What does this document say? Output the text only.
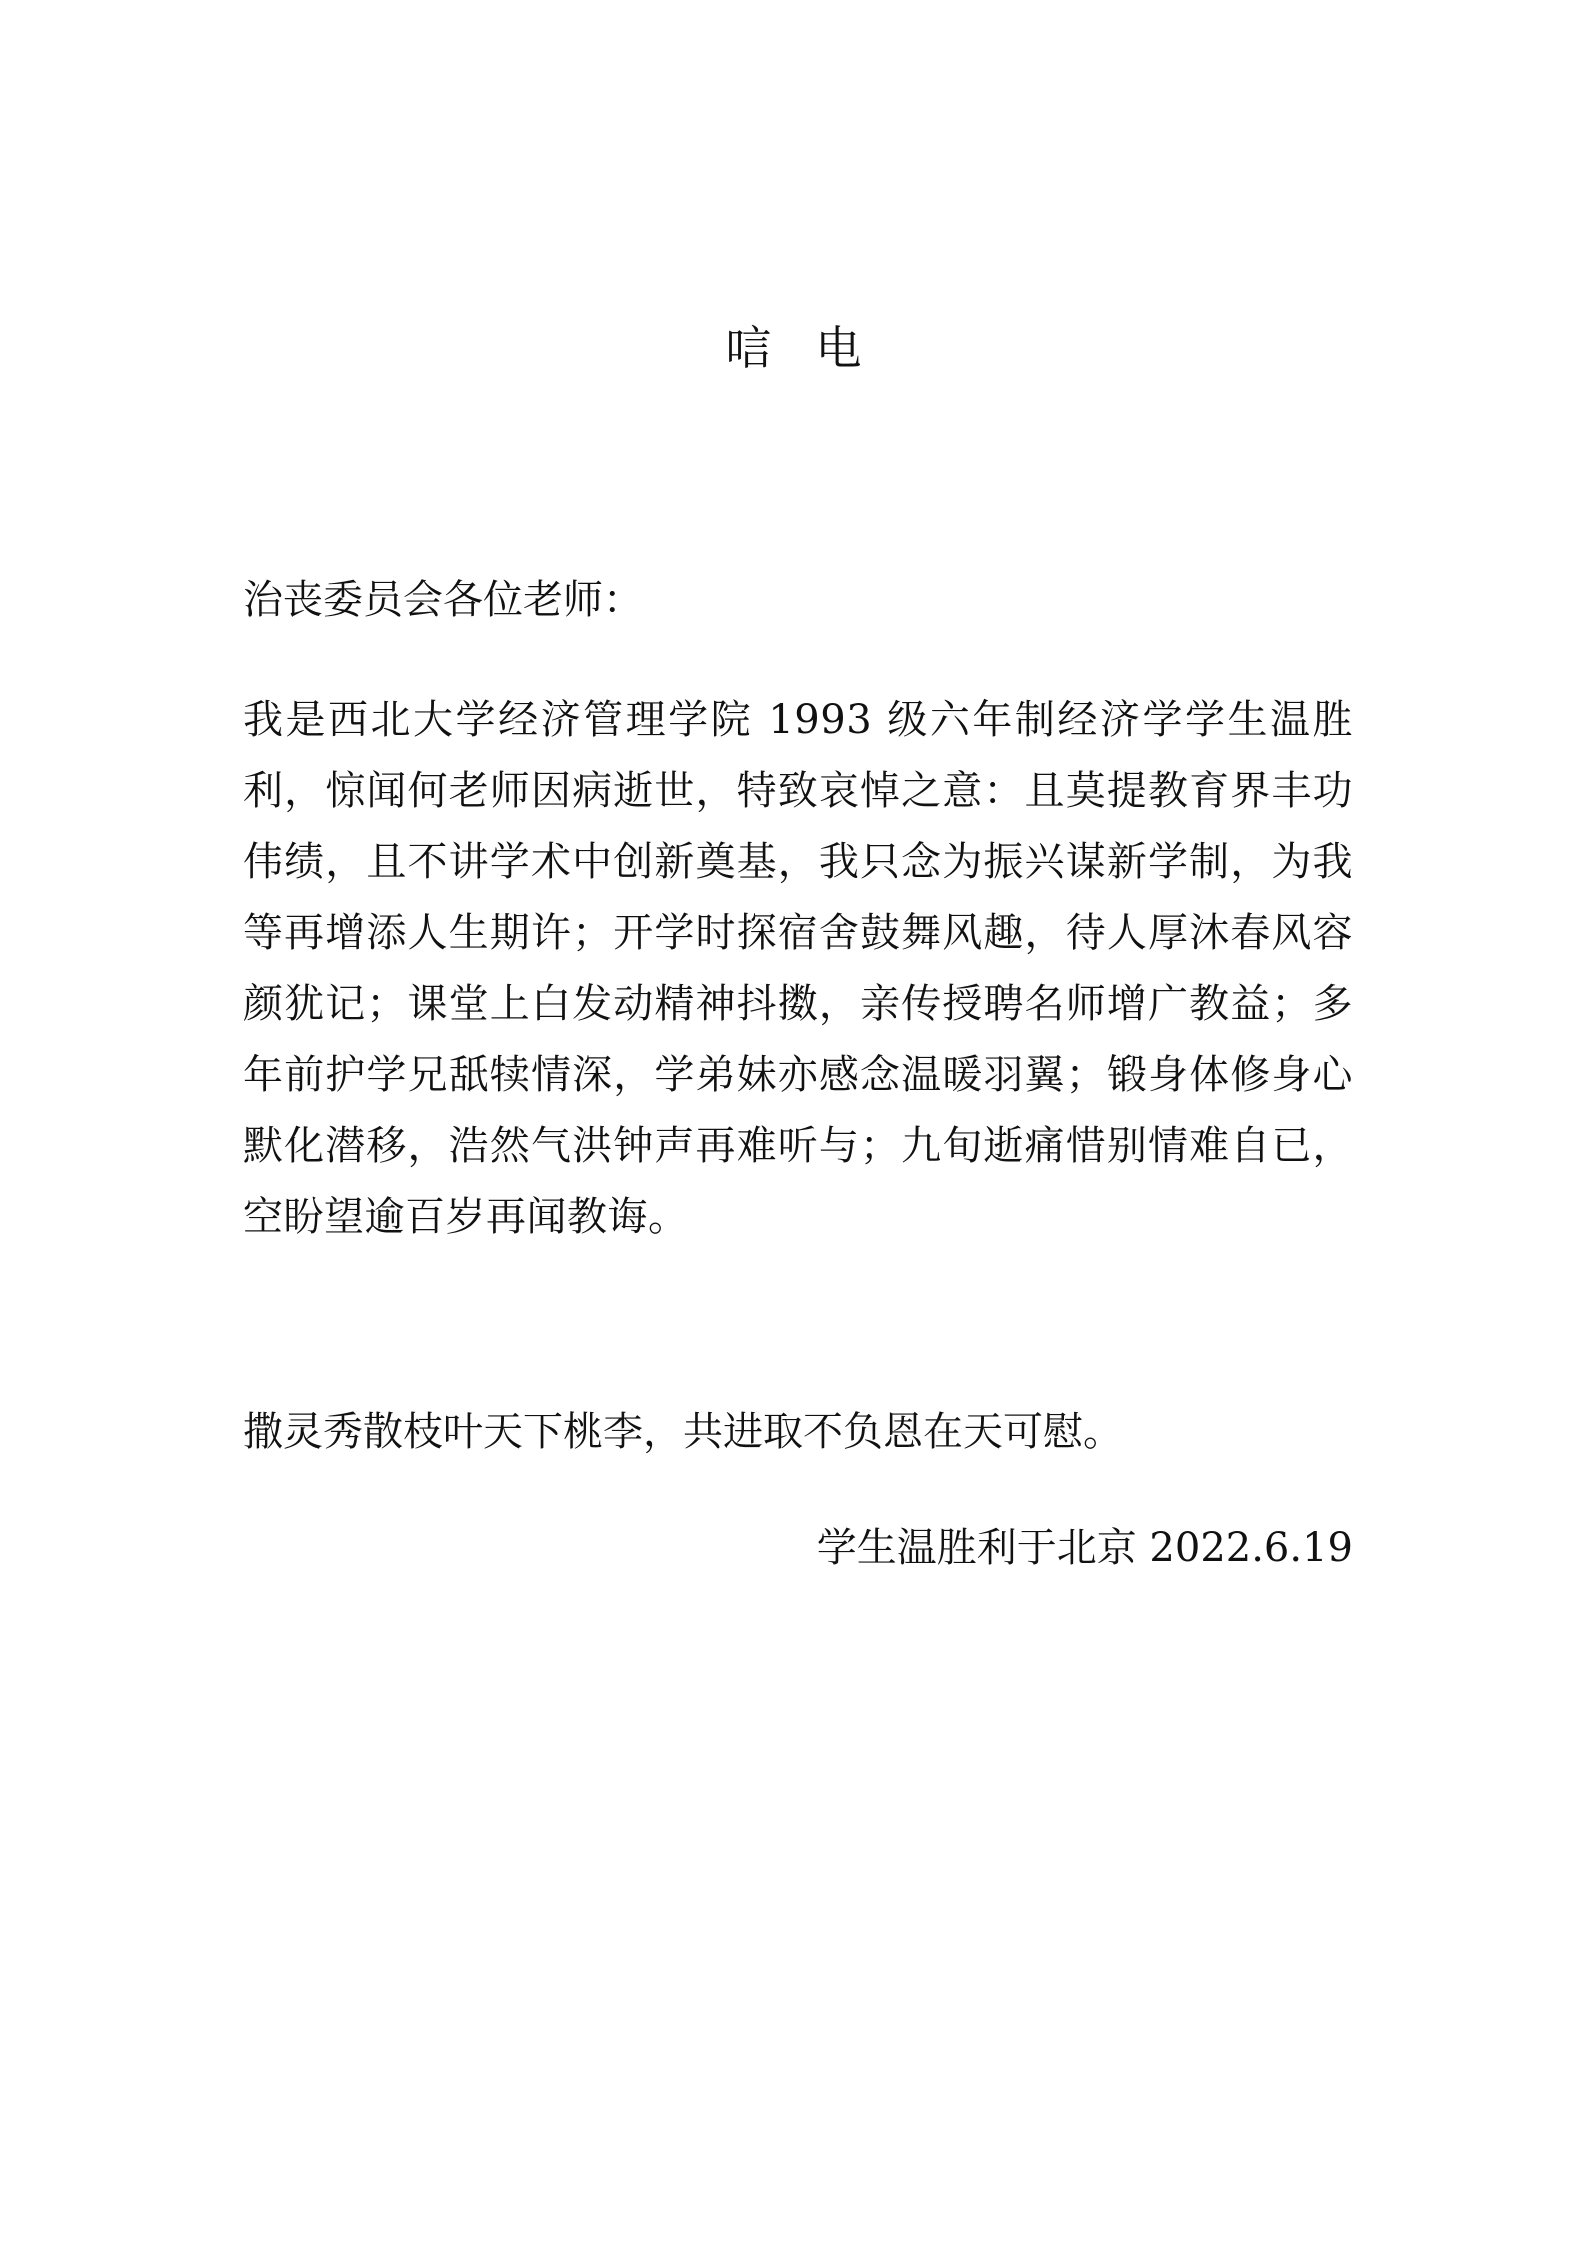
唁电

治丧委员会各位老师：

我是西北大学经济管理学院 1993 级六年制经济学学生温胜利，惊闻何老师因病逝世，特致哀悼之意：且莫提教育界丰功伟绩，且不讲学术中创新奠基，我只念为振兴谋新学制，为我等再增添人生期许；开学时探宿舍鼓舞风趣，待人厚沐春风容颜犹记；课堂上白发动精神抖擞，亲传授聘名师增广教益；多年前护学兄舐犊情深，学弟妹亦感念温暖羽翼；锻身体修身心默化潜移，浩然气洪钟声再难听与；九旬逝痛惜别情难自已，空盼望逾百岁再闻教诲。

撒灵秀散枝叶天下桃李，共进取不负恩在天可慰。

学生温胜利于北京 2022.6.19
